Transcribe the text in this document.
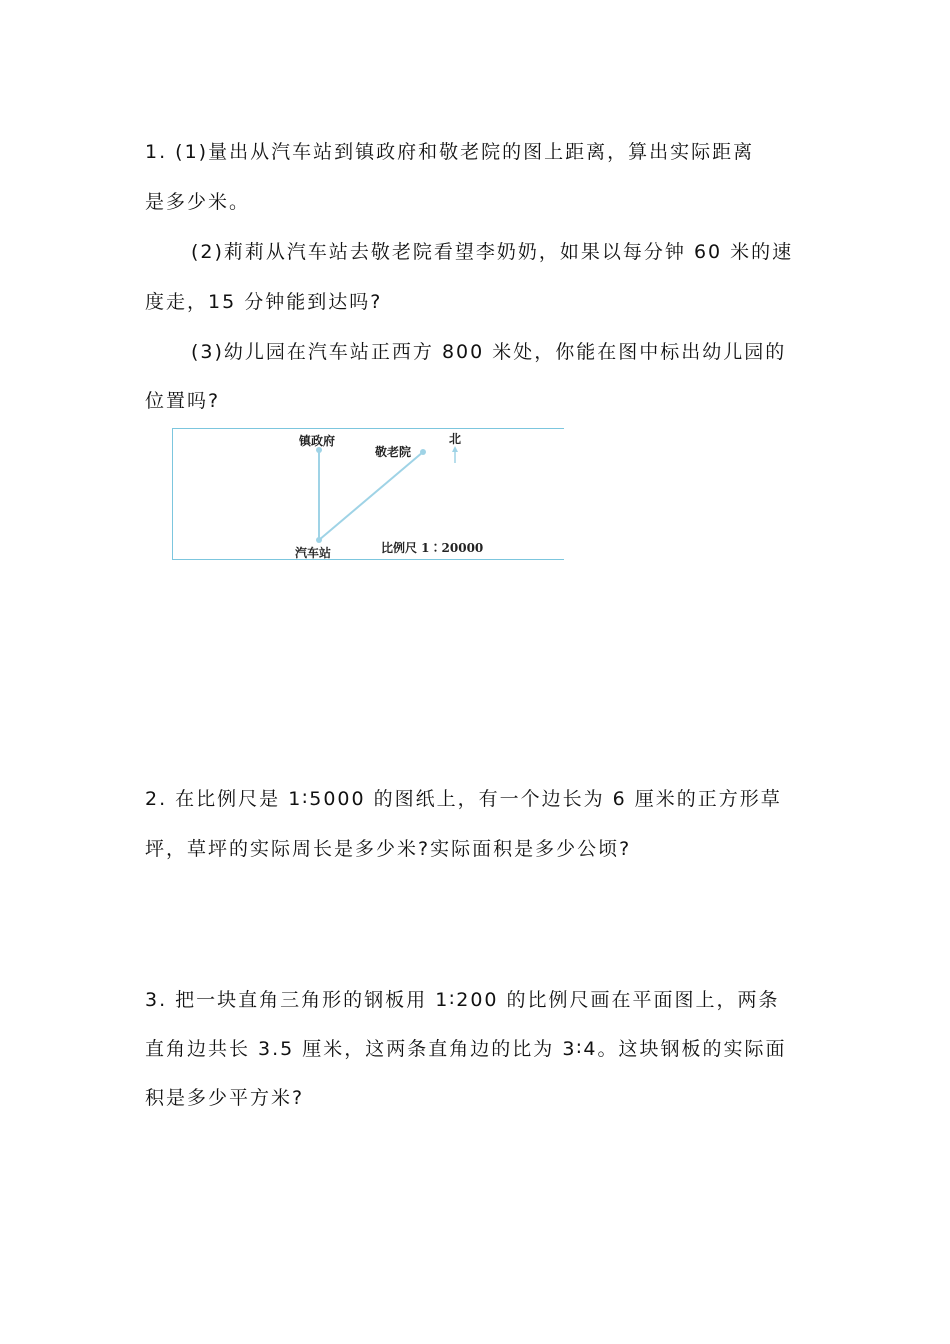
1. (1)量出从汽车站到镇政府和敬老院的图上距离，算出实际距离
是多少米。
(2)莉莉从汽车站去敬老院看望李奶奶，如果以每分钟 60 米的速
度走，15 分钟能到达吗?
(3)幼儿园在汽车站正西方 800 米处，你能在图中标出幼儿园的
位置吗?
镇政府
敬老院
汽车站
北
比例尺 1∶20000
2. 在比例尺是 1∶5000 的图纸上，有一个边长为 6 厘米的正方形草
坪，草坪的实际周长是多少米?实际面积是多少公顷?
3. 把一块直角三角形的钢板用 1∶200 的比例尺画在平面图上，两条
直角边共长 3.5 厘米，这两条直角边的比为 3∶4。这块钢板的实际面
积是多少平方米?
